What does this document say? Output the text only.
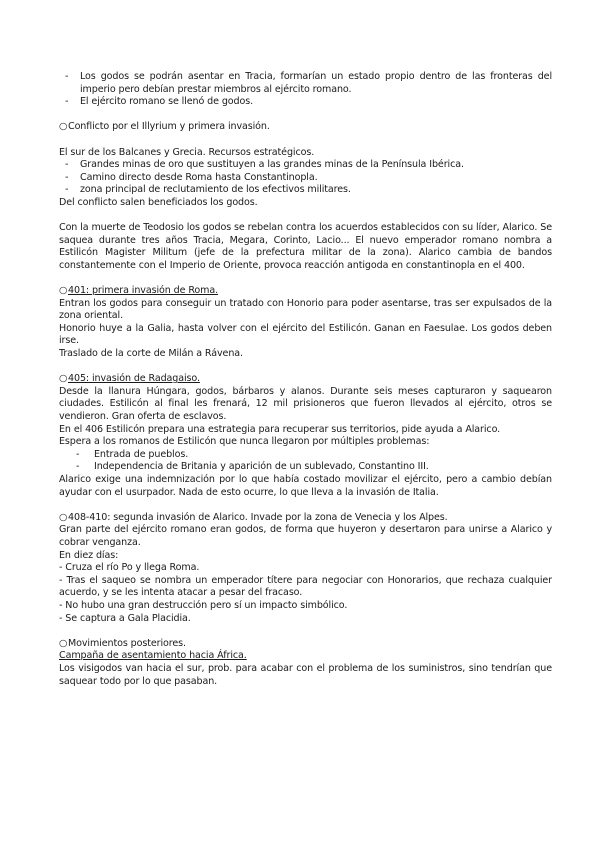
- Los godos se podrán asentar en Tracia, formarían un estado propio dentro de las fronteras del imperio pero debían prestar miembros al ejército romano.

- El ejército romano se llenó de godos.

○Conflicto por el Illyrium y primera invasión.

El sur de los Balcanes y Grecia. Recursos estratégicos.

- Grandes minas de oro que sustituyen a las grandes minas de la Península Ibérica.

- Camino directo desde Roma hasta Constantinopla.

- zona principal de reclutamiento de los efectivos militares.

Del conflicto salen beneficiados los godos.

Con la muerte de Teodosio los godos se rebelan contra los acuerdos establecidos con su líder, Alarico. Se saquea durante tres años Tracia, Megara, Corinto, Lacio... El nuevo emperador romano nombra a Estilicón Magister Militum (jefe de la prefectura militar de la zona). Alarico cambia de bandos constantemente con el Imperio de Oriente, provoca reacción antigoda en constantinopla en el 400.

○401: primera invasión de Roma.

Entran los godos para conseguir un tratado con Honorio para poder asentarse, tras ser expulsados de la zona oriental.

Honorio huye a la Galia, hasta volver con el ejército del Estilicón. Ganan en Faesulae. Los godos deben irse.

Traslado de la corte de Milán a Rávena.

○405: invasión de Radagaiso.

Desde la llanura Húngara, godos, bárbaros y alanos. Durante seis meses capturaron y saquearon ciudades. Estilicón al final les frenará, 12 mil prisioneros que fueron llevados al ejército, otros se vendieron. Gran oferta de esclavos.

En el 406 Estilicón prepara una estrategia para recuperar sus territorios, pide ayuda a Alarico.

Espera a los romanos de Estilicón que nunca llegaron por múltiples problemas:

- Entrada de pueblos.

- Independencia de Britania y aparición de un sublevado, Constantino III.

Alarico exige una indemnización por lo que había costado movilizar el ejército, pero a cambio debían ayudar con el usurpador. Nada de esto ocurre, lo que lleva a la invasión de Italia.

○408-410: segunda invasión de Alarico. Invade por la zona de Venecia y los Alpes.

Gran parte del ejército romano eran godos, de forma que huyeron y desertaron para unirse a Alarico y cobrar venganza.

En diez días:

- Cruza el río Po y llega Roma.

- Tras el saqueo se nombra un emperador títere para negociar con Honorarios, que rechaza cualquier acuerdo, y se les intenta atacar a pesar del fracaso.

- No hubo una gran destrucción pero sí un impacto simbólico.

- Se captura a Gala Placidia.

○Movimientos posteriores.

Campaña de asentamiento hacia África.

Los visigodos van hacia el sur, prob. para acabar con el problema de los suministros, sino tendrían que saquear todo por lo que pasaban.
